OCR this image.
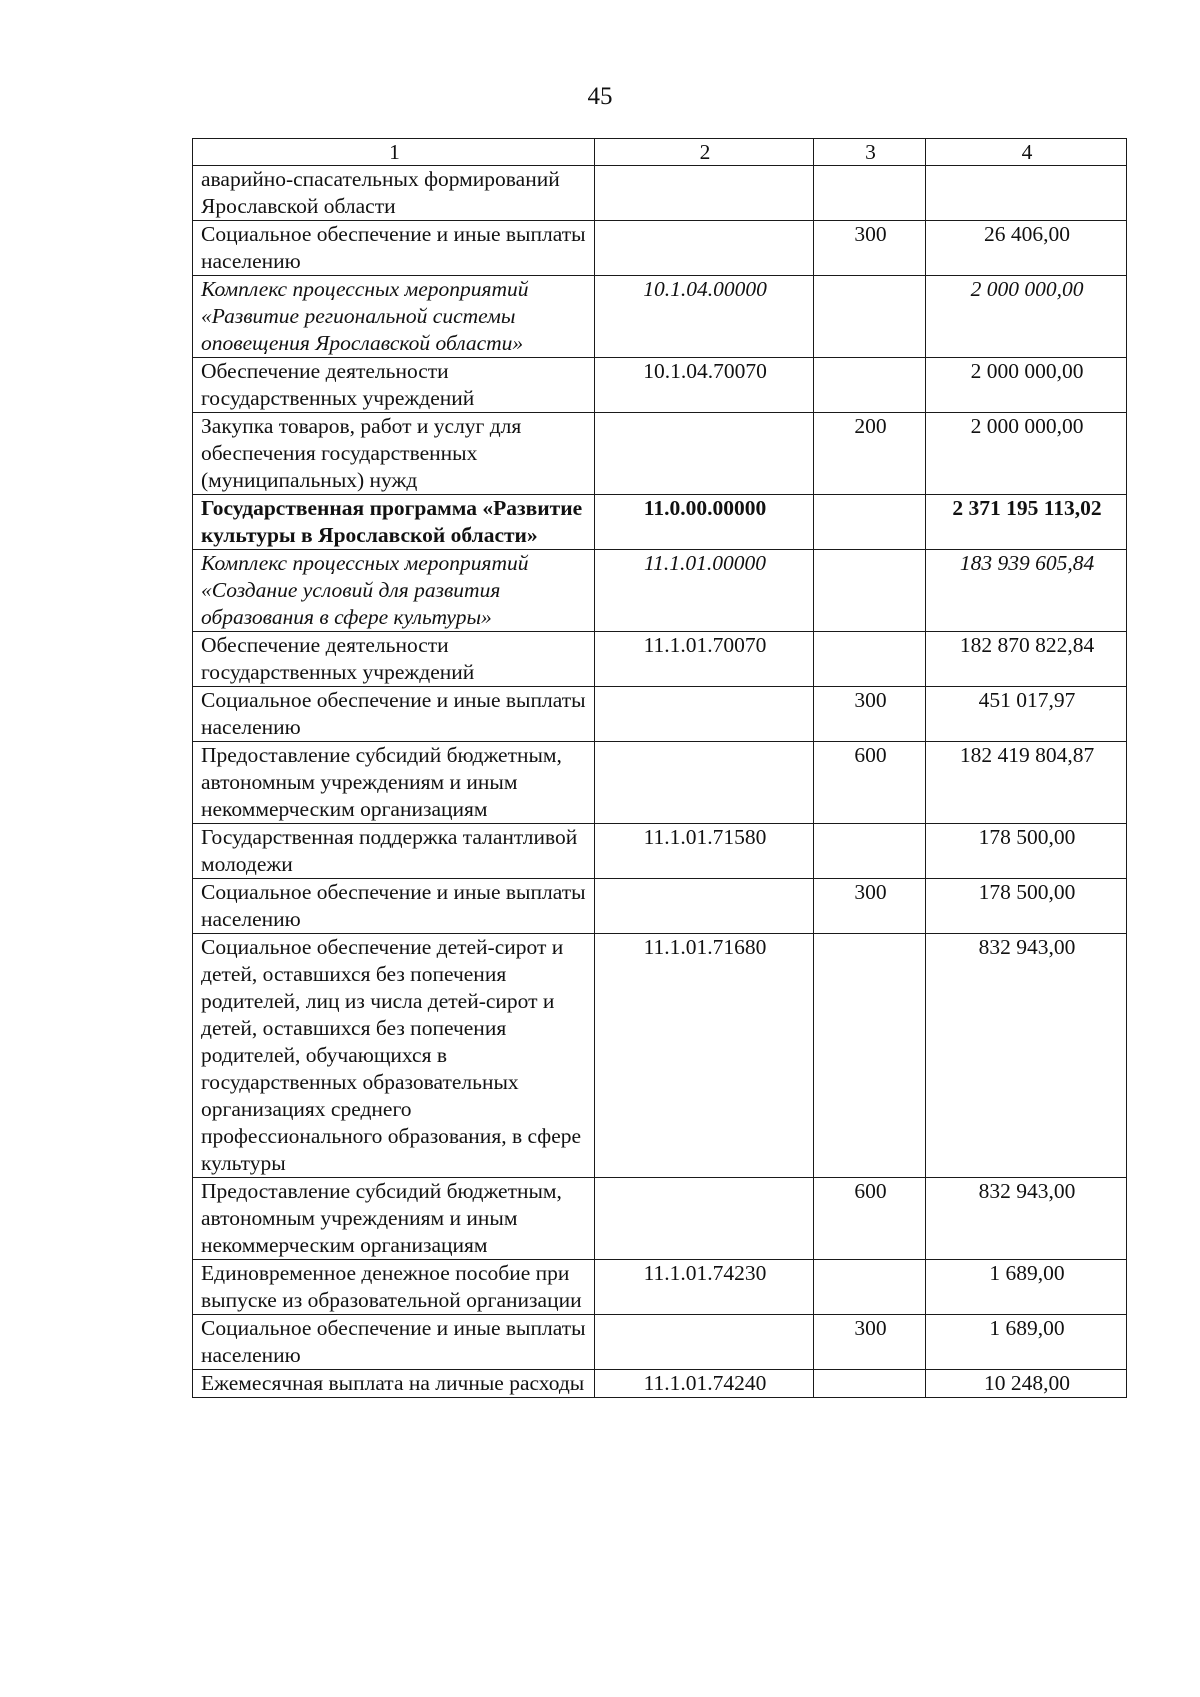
45
1	2	3	4
аварийно-спасательных формирований Ярославской области			
Социальное обеспечение и иные выплаты населению		300	26 406,00
Комплекс процессных мероприятий «Развитие региональной системы оповещения Ярославской области»	10.1.04.00000		2 000 000,00
Обеспечение деятельности государственных учреждений	10.1.04.70070		2 000 000,00
Закупка товаров, работ и услуг для обеспечения государственных (муниципальных) нужд		200	2 000 000,00
Государственная программа «Развитие культуры в Ярославской области»	11.0.00.00000		2 371 195 113,02
Комплекс процессных мероприятий «Создание условий для развития образования в сфере культуры»	11.1.01.00000		183 939 605,84
Обеспечение деятельности государственных учреждений	11.1.01.70070		182 870 822,84
Социальное обеспечение и иные выплаты населению		300	451 017,97
Предоставление субсидий бюджетным, автономным учреждениям и иным некоммерческим организациям		600	182 419 804,87
Государственная поддержка талантливой молодежи	11.1.01.71580		178 500,00
Социальное обеспечение и иные выплаты населению		300	178 500,00
Социальное обеспечение детей-сирот и детей, оставшихся без попечения родителей, лиц из числа детей-сирот и детей, оставшихся без попечения родителей, обучающихся в государственных образовательных организациях среднего профессионального образования, в сфере культуры	11.1.01.71680		832 943,00
Предоставление субсидий бюджетным, автономным учреждениям и иным некоммерческим организациям		600	832 943,00
Единовременное денежное пособие при выпуске из образовательной организации	11.1.01.74230		1 689,00
Социальное обеспечение и иные выплаты населению		300	1 689,00
Ежемесячная выплата на личные расходы	11.1.01.74240		10 248,00
